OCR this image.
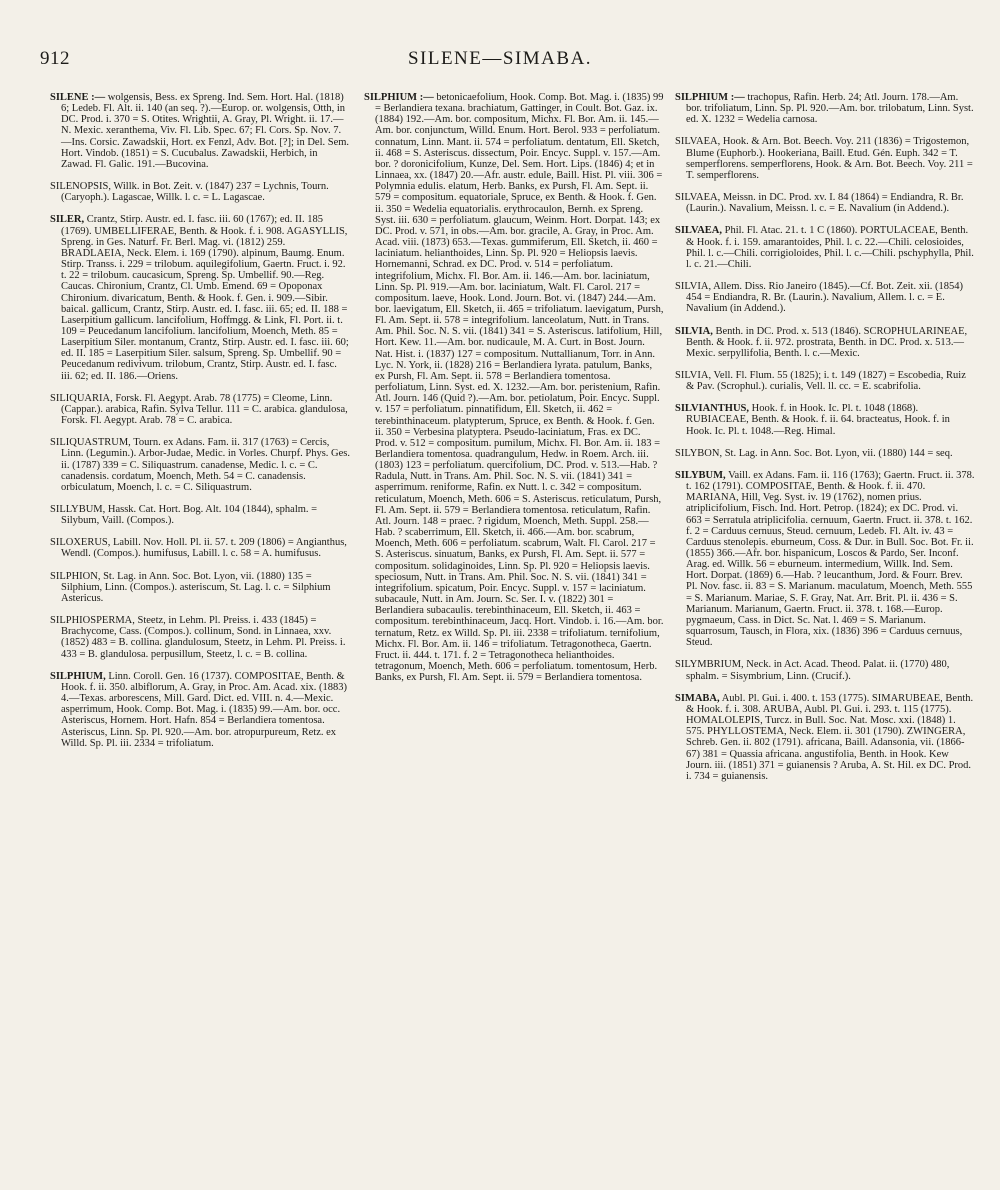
912	SILENE—SIMABA.
SILENE :— wolgensis, Bess. ex Spreng. Ind. Sem. Hort. Hal. (1818) 6; Ledeb. Fl. Alt. ii. 140 (an seq. ?).—Europ. or. wolgensis, Otth, in DC. Prod. i. 370 = S. Otites. Wrightii, A. Gray, Pl. Wright. ii. 17.—N. Mexic. xeranthema, Viv. Fl. Lib. Spec. 67; Fl. Cors. Sp. Nov. 7.—Ins. Corsic. Zawadskii, Hort. ex Fenzl, Adv. Bot. [?]; in Del. Sem. Hort. Vindob. (1851) = S. Cucubalus. Zawadskii, Herbich, in Zawad. Fl. Galic. 191.—Bucovina.
SILENOPSIS, Willk. in Bot. Zeit. v. (1847) 237 = Lychnis, Tourn. (Caryoph.). Lagascae, Willk. l. c. = L. Lagascae.
SILER, Crantz, Stirp. Austr. ed. I. fasc. iii. 60 (1767); ed. II. 185 (1769). UMBELLIFERAE, Benth. & Hook. f. i. 908. AGASYLLIS, Spreng. in Ges. Naturf. Fr. Berl. Mag. vi. (1812) 259. BRADLAEIA, Neck. Elem. i. 169 (1790). alpinum, Baumg. Enum. Stirp. Transs. i. 229 = trilobum. aquilegifolium, Gaertn. Fruct. i. 92. t. 22 = trilobum. caucasicum, Spreng. Sp. Umbellif. 90.—Reg. Caucas. Chironium, Crantz, Cl. Umb. Emend. 69 = Opoponax Chironium. divaricatum, Benth. & Hook. f. Gen. i. 909.—Sibir. baical. gallicum, Crantz, Stirp. Austr. ed. I. fasc. iii. 65; ed. II. 188 = Laserpitium gallicum. lancifolium, Hoffmgg. & Link, Fl. Port. ii. t. 109 = Peucedanum lancifolium. lancifolium, Moench, Meth. 85 = Laserpitium Siler. montanum, Crantz, Stirp. Austr. ed. I. fasc. iii. 60; ed. II. 185 = Laserpitium Siler. salsum, Spreng. Sp. Umbellif. 90 = Peucedanum redivivum. trilobum, Crantz, Stirp. Austr. ed. I. fasc. iii. 62; ed. II. 186.—Oriens.
SILIQUARIA, Forsk. Fl. Aegypt. Arab. 78 (1775) = Cleome, Linn. (Cappar.). arabica, Rafin. Sylva Tellur. 111 = C. arabica. glandulosa, Forsk. Fl. Aegypt. Arab. 78 = C. arabica.
SILIQUASTRUM, Tourn. ex Adans. Fam. ii. 317 (1763) = Cercis, Linn. (Legumin.). Arbor-Judae, Medic. in Vorles. Churpf. Phys. Ges. ii. (1787) 339 = C. Siliquastrum. canadense, Medic. l. c. = C. canadensis. cordatum, Moench, Meth. 54 = C. canadensis. orbiculatum, Moench, l. c. = C. Siliquastrum.
SILLYBUM, Hassk. Cat. Hort. Bog. Alt. 104 (1844), sphalm. = Silybum, Vaill. (Compos.).
SILOXERUS, Labill. Nov. Holl. Pl. ii. 57. t. 209 (1806) = Angianthus, Wendl. (Compos.). humifusus, Labill. l. c. 58 = A. humifusus.
SILPHION, St. Lag. in Ann. Soc. Bot. Lyon, vii. (1880) 135 = Silphium, Linn. (Compos.). asteriscum, St. Lag. l. c. = Silphium Astericus.
SILPHIOSPERMA, Steetz, in Lehm. Pl. Preiss. i. 433 (1845) = Brachycome, Cass. (Compos.). collinum, Sond. in Linnaea, xxv. (1852) 483 = B. collina. glandulosum, Steetz, in Lehm. Pl. Preiss. i. 433 = B. glandulosa. perpusillum, Steetz, l. c. = B. collina.
SILPHIUM, Linn. Coroll. Gen. 16 (1737). COMPOSITAE, Benth. & Hook. f. ii. 350. albiflorum, A. Gray, in Proc. Am. Acad. xix. (1883) 4.—Texas. arborescens, Mill. Gard. Dict. ed. VIII. n. 4.—Mexic. asperrimum, Hook. Comp. Bot. Mag. i. (1835) 99.—Am. bor. occ. Asteriscus, Hornem. Hort. Hafn. 854 = Berlandiera tomentosa. Asteriscus, Linn. Sp. Pl. 920.—Am. bor. atropurpureum, Retz. ex Willd. Sp. Pl. iii. 2334 = trifoliatum.
SILPHIUM :— betonicaefolium, Hook. Comp. Bot. Mag. i. (1835) 99 = Berlandiera texana. brachiatum, Gattinger, in Coult. Bot. Gaz. ix. (1884) 192.—Am. bor. compositum, Michx. Fl. Bor. Am. ii. 145.—Am. bor. conjunctum, Willd. Enum. Hort. Berol. 933 = perfoliatum. connatum, Linn. Mant. ii. 574 = perfoliatum. dentatum, Ell. Sketch, ii. 468 = S. Asteriscus. dissectum, Poir. Encyc. Suppl. v. 157.—Am. bor. ? doronicifolium, Kunze, Del. Sem. Hort. Lips. (1846) 4; et in Linnaea, xx. (1847) 20.—Afr. austr. edule, Baill. Hist. Pl. viii. 306 = Polymnia edulis. elatum, Herb. Banks, ex Pursh, Fl. Am. Sept. ii. 579 = compositum. equatoriale, Spruce, ex Benth. & Hook. f. Gen. ii. 350 = Wedelia equatorialis. erythrocaulon, Bernh. ex Spreng. Syst. iii. 630 = perfoliatum. glaucum, Weinm. Hort. Dorpat. 143; ex DC. Prod. v. 571, in obs.—Am. bor. gracile, A. Gray, in Proc. Am. Acad. viii. (1873) 653.—Texas. gummiferum, Ell. Sketch, ii. 460 = laciniatum. helianthoides, Linn. Sp. Pl. 920 = Heliopsis laevis. Hornemanni, Schrad. ex DC. Prod. v. 514 = perfoliatum. integrifolium, Michx. Fl. Bor. Am. ii. 146.—Am. bor. laciniatum, Linn. Sp. Pl. 919.—Am. bor. laciniatum, Walt. Fl. Carol. 217 = compositum. laeve, Hook. Lond. Journ. Bot. vi. (1847) 244.—Am. bor. laevigatum, Ell. Sketch, ii. 465 = trifoliatum. laevigatum, Pursh, Fl. Am. Sept. ii. 578 = integrifolium. lanceolatum, Nutt. in Trans. Am. Phil. Soc. N. S. vii. (1841) 341 = S. Asteriscus. latifolium, Hill, Hort. Kew. 11.—Am. bor. nudicaule, M. A. Curt. in Bost. Journ. Nat. Hist. i. (1837) 127 = compositum. Nuttallianum, Torr. in Ann. Lyc. N. York, ii. (1828) 216 = Berlandiera lyrata. patulum, Banks, ex Pursh, Fl. Am. Sept. ii. 578 = Berlandiera tomentosa. perfoliatum, Linn. Syst. ed. X. 1232.—Am. bor. peristenium, Rafin. Atl. Journ. 146 (Quid ?).—Am. bor. petiolatum, Poir. Encyc. Suppl. v. 157 = perfoliatum. pinnatifidum, Ell. Sketch, ii. 462 = terebinthinaceum. platypterum, Spruce, ex Benth. & Hook. f. Gen. ii. 350 = Verbesina platyptera. Pseudo-laciniatum, Fras. ex DC. Prod. v. 512 = compositum. pumilum, Michx. Fl. Bor. Am. ii. 183 = Berlandiera tomentosa. quadrangulum, Hedw. in Roem. Arch. iii. (1803) 123 = perfoliatum. quercifolium, DC. Prod. v. 513.—Hab. ? Radula, Nutt. in Trans. Am. Phil. Soc. N. S. vii. (1841) 341 = asperrimum. reniforme, Rafin. ex Nutt. l. c. 342 = compositum. reticulatum, Moench, Meth. 606 = S. Asteriscus. reticulatum, Pursh, Fl. Am. Sept. ii. 579 = Berlandiera tomentosa. reticulatum, Rafin. Atl. Journ. 148 = praec. ? rigidum, Moench, Meth. Suppl. 258.—Hab. ? scaberrimum, Ell. Sketch, ii. 466.—Am. bor. scabrum, Moench, Meth. 606 = perfoliatum. scabrum, Walt. Fl. Carol. 217 = S. Asteriscus. sinuatum, Banks, ex Pursh, Fl. Am. Sept. ii. 577 = compositum. solidaginoides, Linn. Sp. Pl. 920 = Heliopsis laevis. speciosum, Nutt. in Trans. Am. Phil. Soc. N. S. vii. (1841) 341 = integrifolium. spicatum, Poir. Encyc. Suppl. v. 157 = laciniatum. subacaule, Nutt. in Am. Journ. Sc. Ser. I. v. (1822) 301 = Berlandiera subacaulis. terebinthinaceum, Ell. Sketch, ii. 463 = compositum. terebinthinaceum, Jacq. Hort. Vindob. i. 16.—Am. bor. ternatum, Retz. ex Willd. Sp. Pl. iii. 2338 = trifoliatum. ternifolium, Michx. Fl. Bor. Am. ii. 146 = trifoliatum. Tetragonotheca, Gaertn. Fruct. ii. 444. t. 171. f. 2 = Tetragonotheca helianthoides. tetragonum, Moench, Meth. 606 = perfoliatum. tomentosum, Herb. Banks, ex Pursh, Fl. Am. Sept. ii. 579 = Berlandiera tomentosa.
SILPHIUM :— trachopus, Rafin. Herb. 24; Atl. Journ. 178.—Am. bor. trifoliatum, Linn. Sp. Pl. 920.—Am. bor. trilobatum, Linn. Syst. ed. X. 1232 = Wedelia carnosa.
SILVAEA, Hook. & Arn. Bot. Beech. Voy. 211 (1836) = Trigostemon, Blume (Euphorb.). Hookeriana, Baill. Etud. Gén. Euph. 342 = T. semperflorens. semperflorens, Hook. & Arn. Bot. Beech. Voy. 211 = T. semperflorens.
SILVAEA, Meissn. in DC. Prod. xv. I. 84 (1864) = Endiandra, R. Br. (Laurin.). Navalium, Meissn. l. c. = E. Navalium (in Addend.).
SILVAEA, Phil. Fl. Atac. 21. t. 1 C (1860). PORTULACEAE, Benth. & Hook. f. i. 159. amarantoides, Phil. l. c. 22.—Chili. celosioides, Phil. l. c.—Chili. corrigioloides, Phil. l. c.—Chili. pschyphylla, Phil. l. c. 21.—Chili.
SILVIA, Allem. Diss. Rio Janeiro (1845).—Cf. Bot. Zeit. xii. (1854) 454 = Endiandra, R. Br. (Laurin.). Navalium, Allem. l. c. = E. Navalium (in Addend.).
SILVIA, Benth. in DC. Prod. x. 513 (1846). SCROPHULARINEAE, Benth. & Hook. f. ii. 972. prostrata, Benth. in DC. Prod. x. 513.—Mexic. serpyllifolia, Benth. l. c.—Mexic.
SILVIA, Vell. Fl. Flum. 55 (1825); i. t. 149 (1827) = Escobedia, Ruiz & Pav. (Scrophul.). curialis, Vell. ll. cc. = E. scabrifolia.
SILVIANTHUS, Hook. f. in Hook. Ic. Pl. t. 1048 (1868). RUBIACEAE, Benth. & Hook. f. ii. 64. bracteatus, Hook. f. in Hook. Ic. Pl. t. 1048.—Reg. Himal.
SILYBON, St. Lag. in Ann. Soc. Bot. Lyon, vii. (1880) 144 = seq.
SILYBUM, Vaill. ex Adans. Fam. ii. 116 (1763); Gaertn. Fruct. ii. 378. t. 162 (1791). COMPOSITAE, Benth. & Hook. f. ii. 470. MARIANA, Hill, Veg. Syst. iv. 19 (1762), nomen prius. atriplicifolium, Fisch. Ind. Hort. Petrop. (1824); ex DC. Prod. vi. 663 = Serratula atriplicifolia. cernuum, Gaertn. Fruct. ii. 378. t. 162. f. 2 = Carduus cernuus, Steud. cernuum, Ledeb. Fl. Alt. iv. 43 = Carduus stenolepis. eburneum, Coss. & Dur. in Bull. Soc. Bot. Fr. ii. (1855) 366.—Afr. bor. hispanicum, Loscos & Pardo, Ser. Inconf. Arag. ed. Willk. 56 = eburneum. intermedium, Willk. Ind. Sem. Hort. Dorpat. (1869) 6.—Hab. ? leucanthum, Jord. & Fourr. Brev. Pl. Nov. fasc. ii. 83 = S. Marianum. maculatum, Moench, Meth. 555 = S. Marianum. Mariae, S. F. Gray, Nat. Arr. Brit. Pl. ii. 436 = S. Marianum. Marianum, Gaertn. Fruct. ii. 378. t. 168.—Europ. pygmaeum, Cass. in Dict. Sc. Nat. l. 469 = S. Marianum. squarrosum, Tausch, in Flora, xix. (1836) 396 = Carduus cernuus, Steud.
SILYMBRIUM, Neck. in Act. Acad. Theod. Palat. ii. (1770) 480, sphalm. = Sisymbrium, Linn. (Crucif.).
SIMABA, Aubl. Pl. Gui. i. 400. t. 153 (1775). SIMARUBEAE, Benth. & Hook. f. i. 308. ARUBA, Aubl. Pl. Gui. i. 293. t. 115 (1775). HOMALOLEPIS, Turcz. in Bull. Soc. Nat. Mosc. xxi. (1848) 1. 575. PHYLLOSTEMA, Neck. Elem. ii. 301 (1790). ZWINGERA, Schreb. Gen. ii. 802 (1791). africana, Baill. Adansonia, vii. (1866-67) 381 = Quassia africana. angustifolia, Benth. in Hook. Kew Journ. iii. (1851) 371 = guianensis ? Aruba, A. St. Hil. ex DC. Prod. i. 734 = guianensis.
